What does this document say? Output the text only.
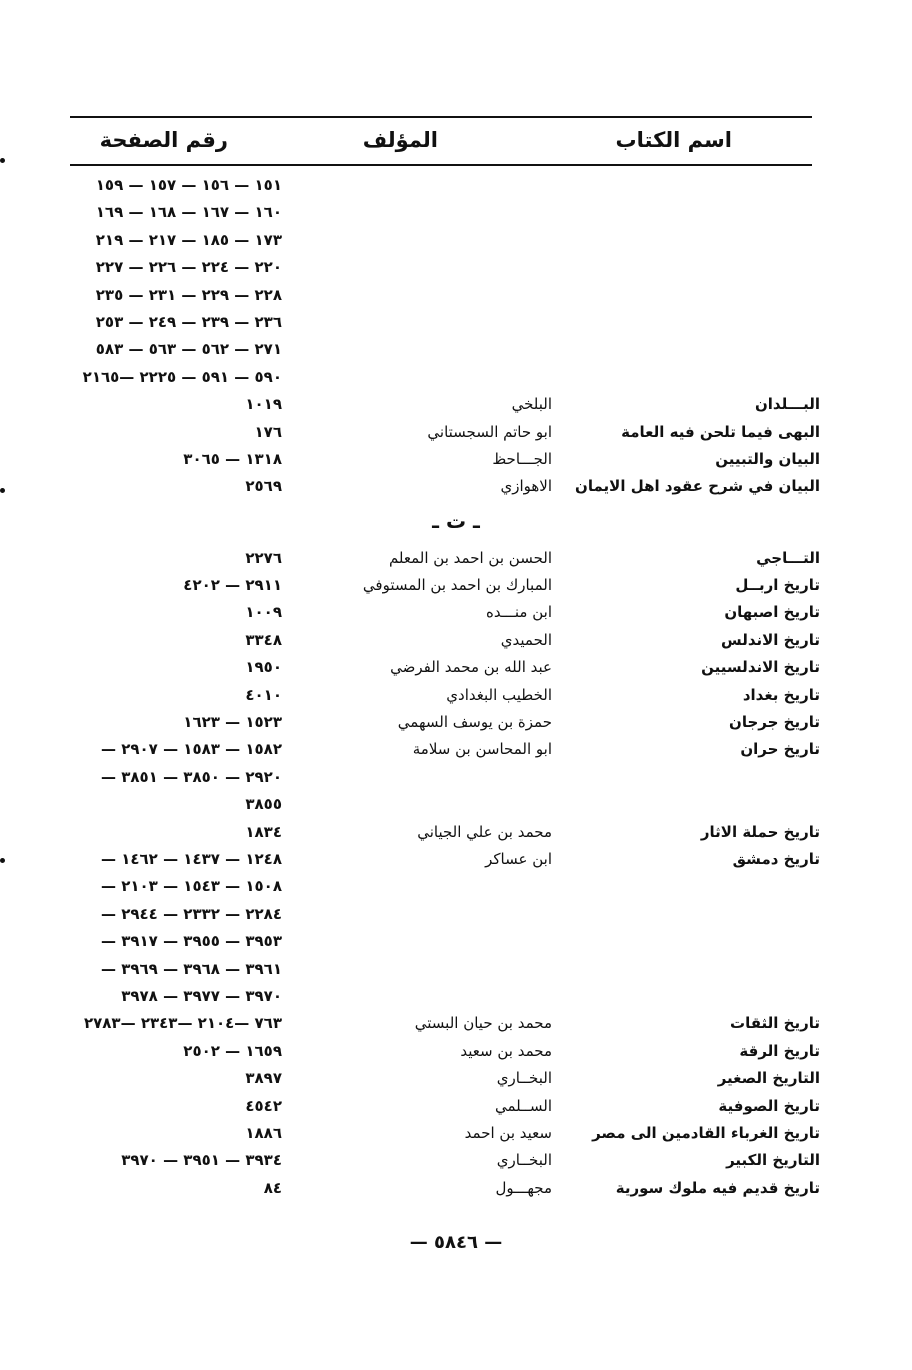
اسم الكتاب
المؤلف
رقم الصفحة
١٥١ — ١٥٦ — ١٥٧ — ١٥٩
١٦٠ — ١٦٧ — ١٦٨ — ١٦٩
١٧٣ — ١٨٥ — ٢١٧ — ٢١٩
٢٢٠ — ٢٢٤ — ٢٢٦ — ٢٢٧
٢٢٨ — ٢٢٩ — ٢٣١ — ٢٣٥
٢٣٦ — ٢٣٩ — ٢٤٩ — ٢٥٣
٢٧١ — ٥٦٢ — ٥٦٣ — ٥٨٣
٥٩٠ — ٥٩١ — ٢٢٢٥ —٢١٦٥
البـــلدان
البلخي
١٠١٩
البهى فيما تلحن فيه العامة
ابو حاتم السجستاني
١٧٦
البيان والتبيين
الجـــاحظ
١٣١٨ — ٣٠٦٥
البيان في شرح عقود اهل الايمان
الاهوازي
٢٥٦٩
ـ ت ـ
التـــاجي
الحسن بن احمد بن المعلم
٢٢٧٦
تاريخ اربــل
المبارك بن احمد بن المستوفي
٢٩١١ — ٤٢٠٢
تاريخ اصبهان
ابن منـــده
١٠٠٩
تاريخ الاندلس
الحميدي
٣٣٤٨
تاريخ الاندلسيين
عبد الله بن محمد الفرضي
١٩٥٠
تاريخ بغداد
الخطيب البغدادي
٤٠١٠
تاريخ جرجان
حمزة بن يوسف السهمي
١٥٢٣ — ١٦٢٣
تاريخ حران
ابو المحاسن بن سلامة
١٥٨٢ — ١٥٨٣ — ٢٩٠٧ —
٢٩٢٠ — ٣٨٥٠ — ٣٨٥١ —
٣٨٥٥
تاريخ حملة الاثار
محمد بن علي الجياني
١٨٣٤
تاريخ دمشق
ابن عساكر
١٢٤٨ — ١٤٣٧ — ١٤٦٢ —
١٥٠٨ — ١٥٤٣ — ٢١٠٣ —
٢٢٨٤ — ٢٣٣٢ — ٢٩٤٤ —
٣٩٥٣ — ٣٩٥٥ — ٣٩١٧ —
٣٩٦١ — ٣٩٦٨ — ٣٩٦٩ —
٣٩٧٠ — ٣٩٧٧ — ٣٩٧٨
تاريخ الثقات
محمد بن حيان البستي
٧٦٣ —٢١٠٤ —٢٣٤٣ —٢٧٨٣
تاريخ الرقة
محمد بن سعيد
١٦٥٩ — ٢٥٠٢
التاريخ الصغير
البخــاري
٣٨٩٧
تاريخ الصوفية
الســلمي
٤٥٤٢
تاريخ الغرباء القادمين الى مصر
سعيد بن احمد
١٨٨٦
التاريخ الكبير
البخــاري
٣٩٣٤ — ٣٩٥١ — ٣٩٧٠
تاريخ قديم فيه ملوك سورية
مجهـــول
٨٤
— ٥٨٤٦ —
